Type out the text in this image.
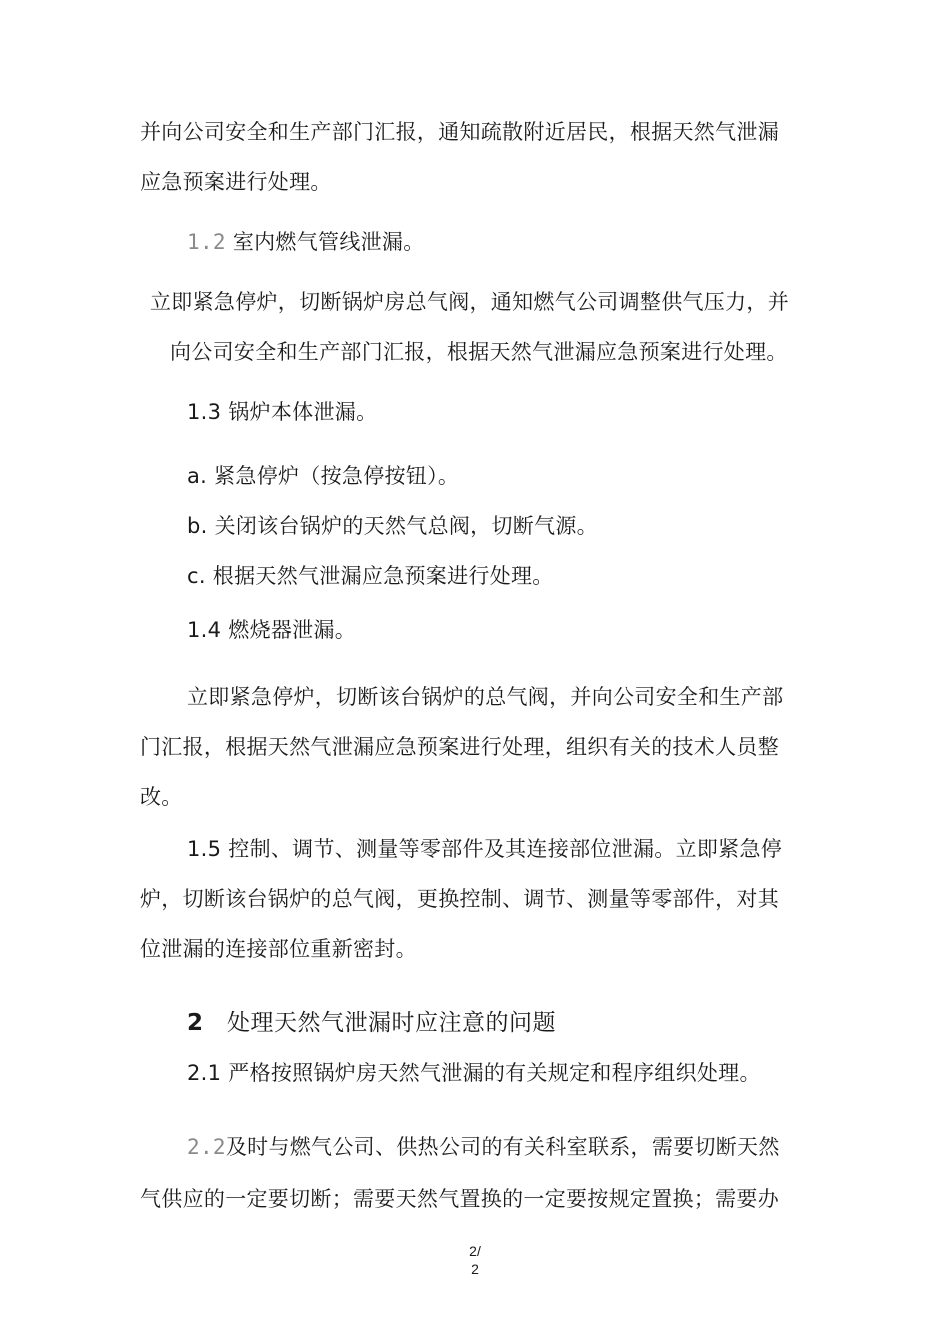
并向公司安全和生产部门汇报，通知疏散附近居民，根据天然气泄漏
应急预案进行处理。
1.2 室内燃气管线泄漏。
立即紧急停炉，切断锅炉房总气阀，通知燃气公司调整供气压力，并
向公司安全和生产部门汇报，根据天然气泄漏应急预案进行处理。
1.3 锅炉本体泄漏。
a. 紧急停炉（按急停按钮）。
b. 关闭该台锅炉的天然气总阀，切断气源。
c. 根据天然气泄漏应急预案进行处理。
1.4 燃烧器泄漏。
立即紧急停炉，切断该台锅炉的总气阀，并向公司安全和生产部
门汇报，根据天然气泄漏应急预案进行处理，组织有关的技术人员整
改。
1.5 控制、调节、测量等零部件及其连接部位泄漏。立即紧急停
炉，切断该台锅炉的总气阀，更换控制、调节、测量等零部件，对其
位泄漏的连接部位重新密封。
2 处理天然气泄漏时应注意的问题
2.1 严格按照锅炉房天然气泄漏的有关规定和程序组织处理。
2.2及时与燃气公司、供热公司的有关科室联系，需要切断天然
气供应的一定要切断；需要天然气置换的一定要按规定置换；需要办
2/
2
